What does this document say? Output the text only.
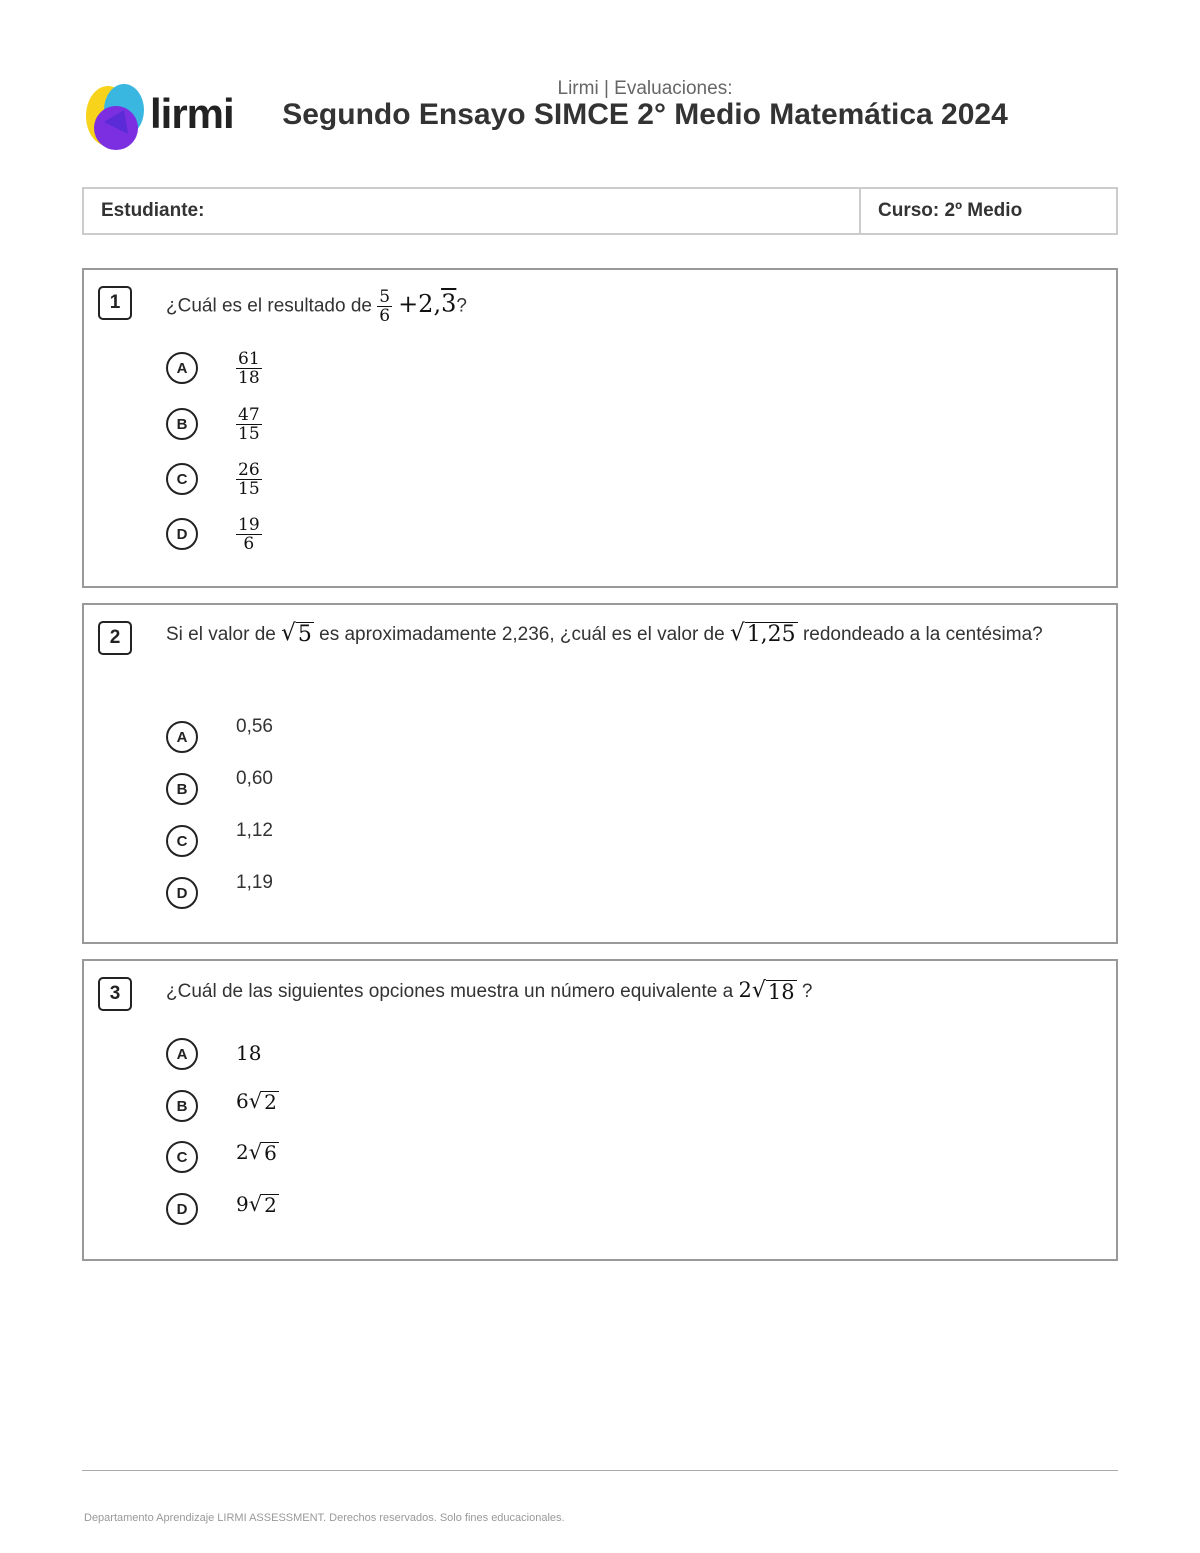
lirmi
Lirmi | Evaluaciones:
Segundo Ensayo SIMCE 2° Medio Matemática 2024
Estudiante:	Curso: 2º Medio
1	¿Cuál es el resultado de $\frac{5}{6} +2,3$?
A	$\frac{61}{18}$
B	$\frac{47}{15}$
C	$\frac{26}{15}$
D	$\frac{19}{6}$
2	Si el valor de √ 5 es aproximadamente 2,236, ¿cuál es el valor de √ 1,25 redondeado a la centésima?
A	0,56
B	0,60
C	1,12
D	1,19
3	¿Cuál de las siguientes opciones muestra un número equivalente a 2 √ 18 ?
A	18
B	6 √ 2
C	2 √ 6
D	9 √ 2
Departamento Aprendizaje LIRMI ASSESSMENT. Derechos reservados. Solo fines educacionales.
